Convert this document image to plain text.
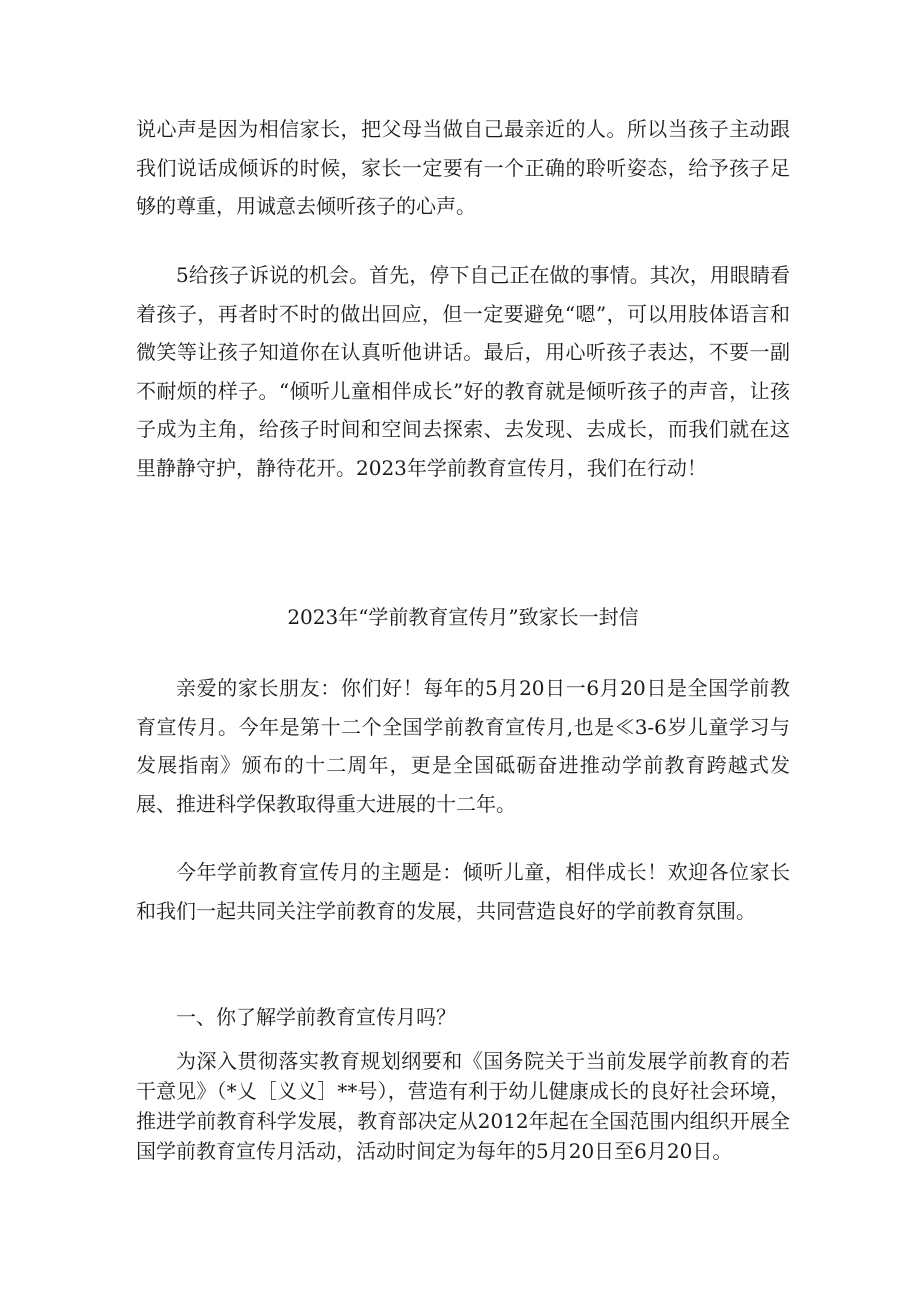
说心声是因为相信家长，把父母当做自己最亲近的人。所以当孩子主动跟我们说话成倾诉的时候，家长一定要有一个正确的聆听姿态，给予孩子足够的尊重，用诚意去倾听孩子的心声。

5给孩子诉说的机会。首先，停下自己正在做的事情。其次，用眼睛看着孩子，再者时不时的做出回应，但一定要避免“嗯”，可以用肢体语言和微笑等让孩子知道你在认真听他讲话。最后，用心听孩子表达，不要一副不耐烦的样子。“倾听儿童相伴成长”好的教育就是倾听孩子的声音，让孩子成为主角，给孩子时间和空间去探索、去发现、去成长，而我们就在这里静静守护，静待花开。2023年学前教育宣传月，我们在行动！

2023年“学前教育宣传月”致家长一封信

亲爱的家长朋友：你们好！每年的5月20日一6月20日是全国学前教育宣传月。今年是第十二个全国学前教育宣传月,也是≪3-6岁儿童学习与发展指南》颁布的十二周年，更是全国砥砺奋进推动学前教育跨越式发展、推进科学保教取得重大进展的十二年。

今年学前教育宣传月的主题是：倾听儿童，相伴成长！欢迎各位家长和我们一起共同关注学前教育的发展，共同营造良好的学前教育氛围。

一、你了解学前教育宣传月吗？

为深入贯彻落实教育规划纲要和《国务院关于当前发展学前教育的若干意见》（*乂［义义］**号），营造有利于幼儿健康成长的良好社会环境，推进学前教育科学发展，教育部决定从2012年起在全国范围内组织开展全国学前教育宣传月活动，活动时间定为每年的5月20日至6月20日。
